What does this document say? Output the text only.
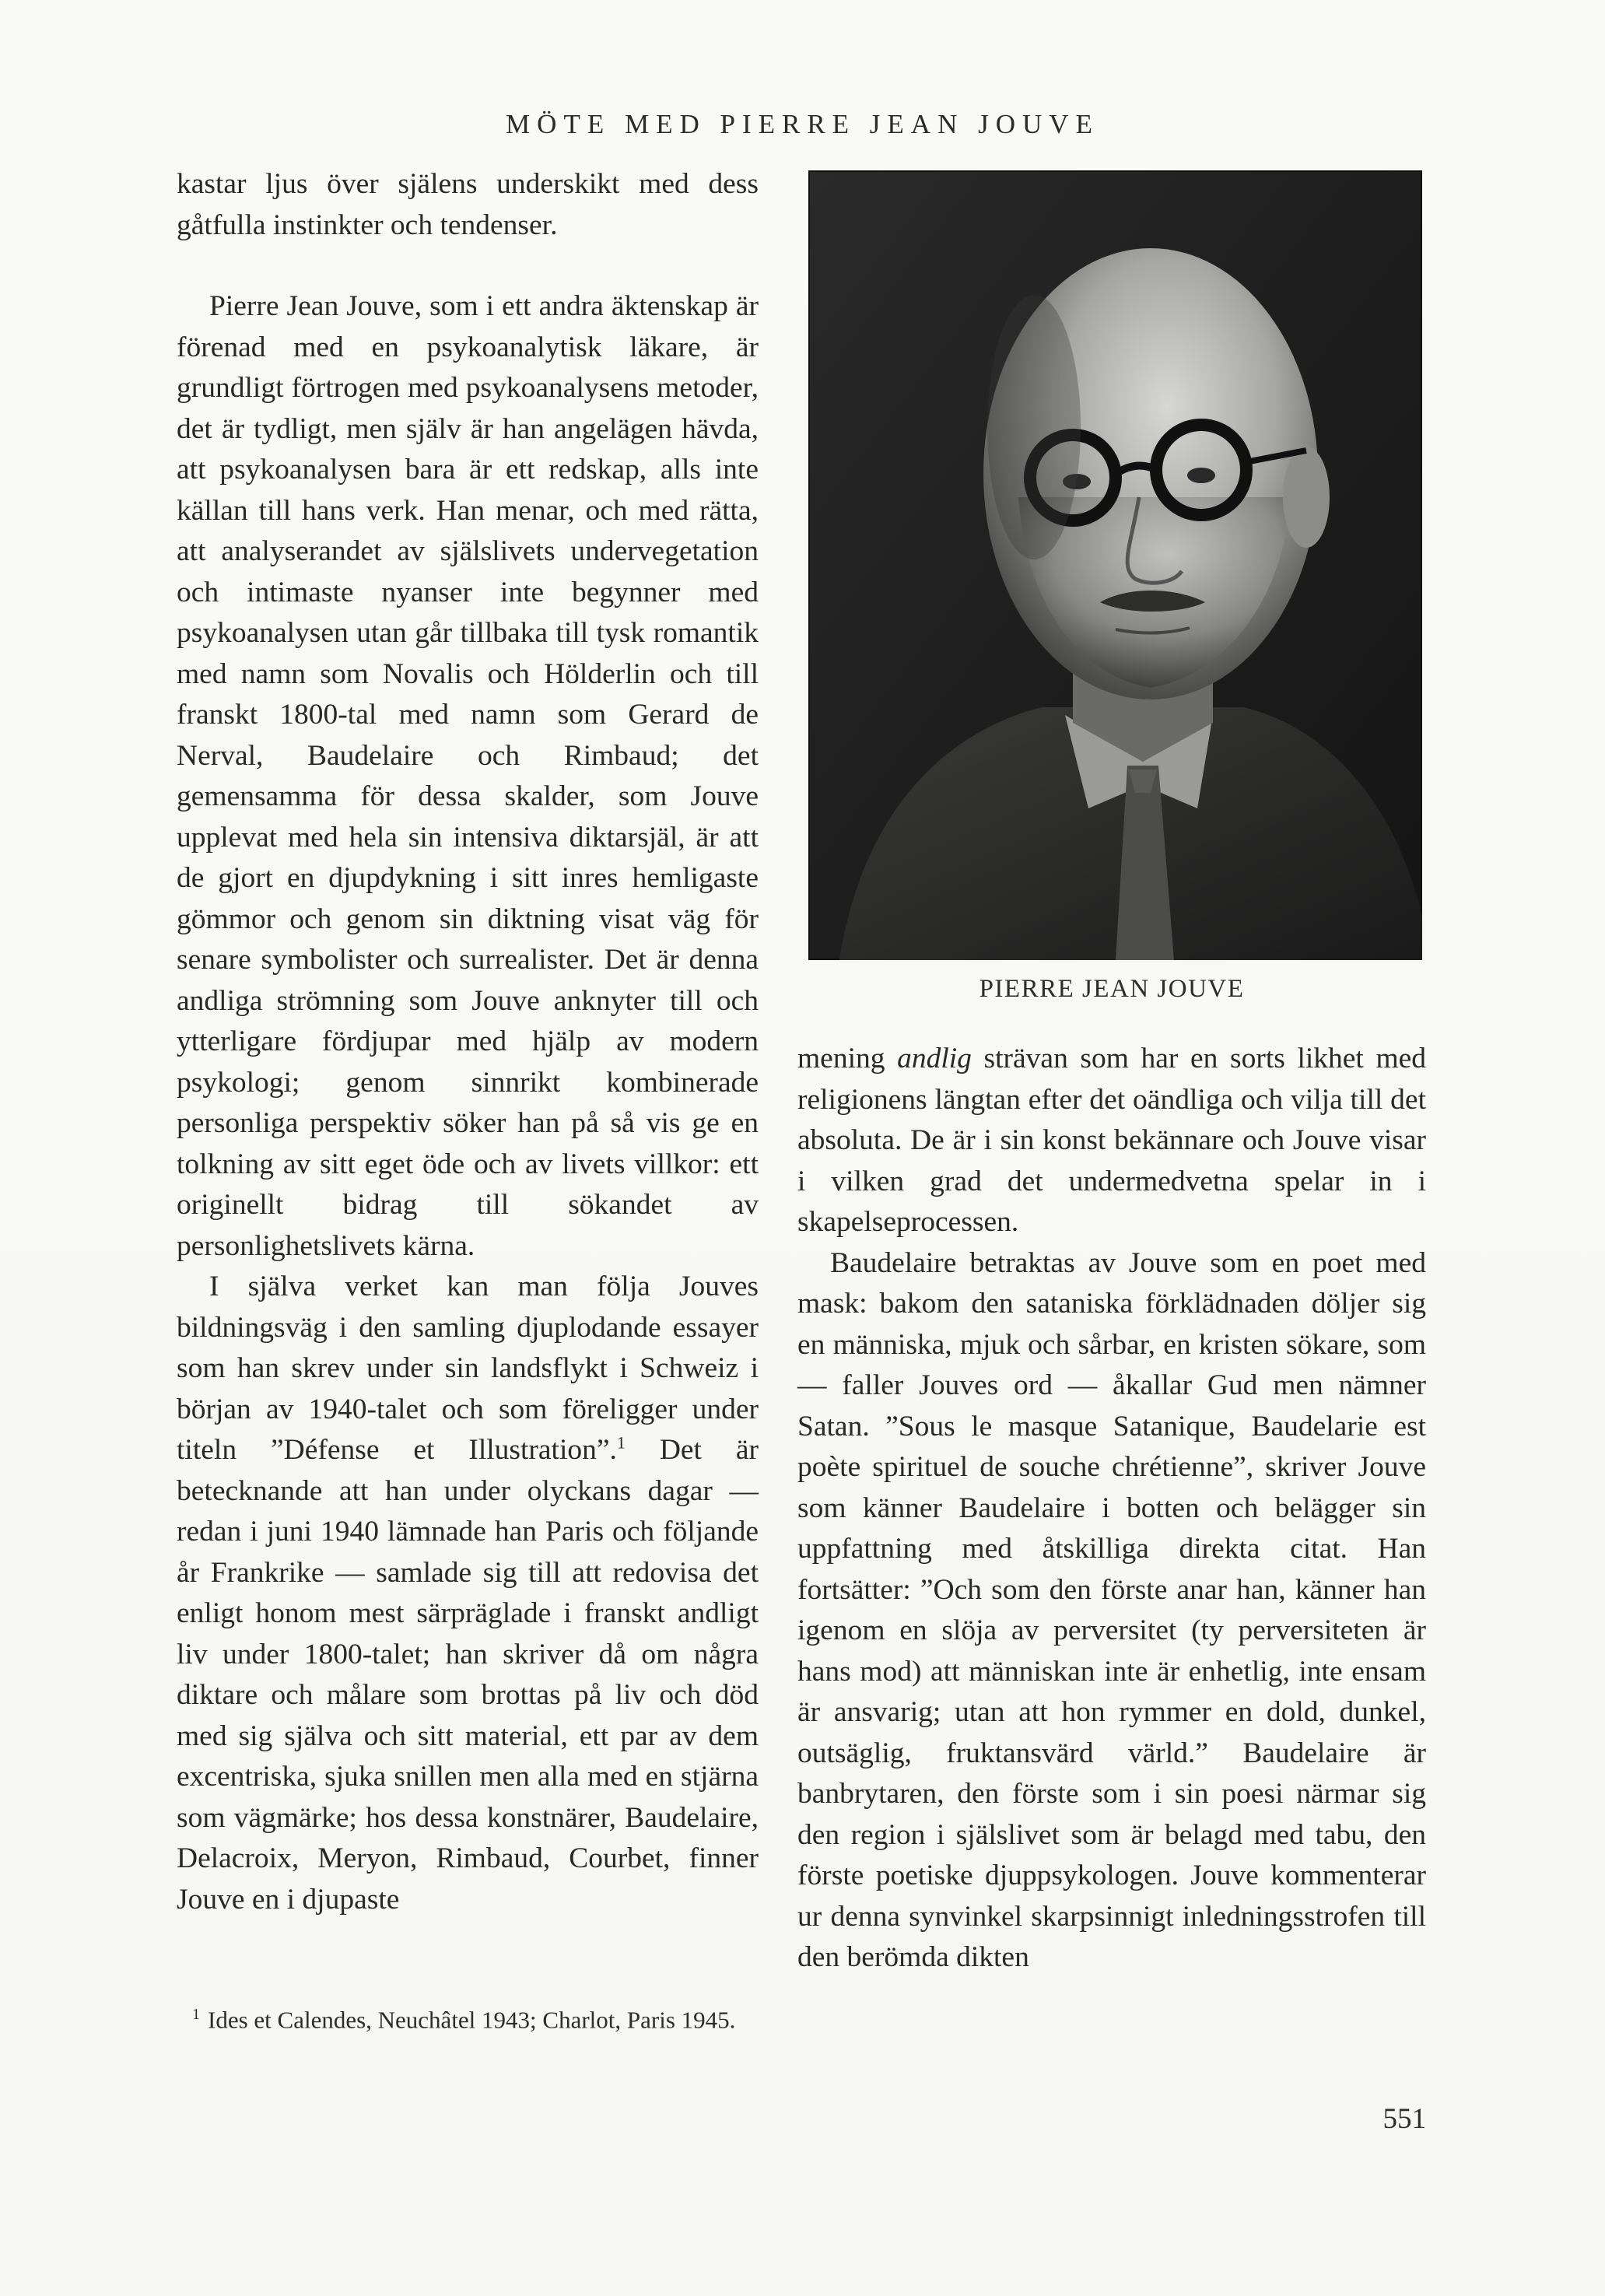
MÖTE MED PIERRE JEAN JOUVE

kastar ljus över själens underskikt med dess gåtfulla instinkter och tendenser.

Pierre Jean Jouve, som i ett andra äktenskap är förenad med en psykoanalytisk läkare, är grundligt förtrogen med psykoanalysens metoder, det är tydligt, men själv är han angelägen hävda, att psykoanalysen bara är ett redskap, alls inte källan till hans verk. Han menar, och med rätta, att analyserandet av själslivets undervegetation och intimaste nyanser inte begynner med psykoanalysen utan går tillbaka till tysk romantik med namn som Novalis och Hölderlin och till franskt 1800-tal med namn som Gerard de Nerval, Baudelaire och Rimbaud; det gemensamma för dessa skalder, som Jouve upplevat med hela sin intensiva diktarsjäl, är att de gjort en djupdykning i sitt inres hemligaste gömmor och genom sin diktning visat väg för senare symbolister och surrealister. Det är denna andliga strömning som Jouve anknyter till och ytterligare fördjupar med hjälp av modern psykologi; genom sinnrikt kombinerade personliga perspektiv söker han på så vis ge en tolkning av sitt eget öde och av livets villkor: ett originellt bidrag till sökandet av personlighetslivets kärna.

I själva verket kan man följa Jouves bildningsväg i den samling djuplodande essayer som han skrev under sin landsflykt i Schweiz i början av 1940-talet och som föreligger under titeln ”Défense et Illustration”.$^1$ Det är betecknande att han under olyckans dagar — redan i juni 1940 lämnade han Paris och följande år Frankrike — samlade sig till att redovisa det enligt honom mest särpräglade i franskt andligt liv under 1800-talet; han skriver då om några diktare och målare som brottas på liv och död med sig själva och sitt material, ett par av dem excentriska, sjuka snillen men alla med en stjärna som vägmärke; hos dessa konstnärer, Baudelaire, Delacroix, Meryon, Rimbaud, Courbet, finner Jouve en i djupaste

PIERRE JEAN JOUVE

mening andlig strävan som har en sorts likhet med religionens längtan efter det oändliga och vilja till det absoluta. De är i sin konst bekännare och Jouve visar i vilken grad det undermedvetna spelar in i skapelseprocessen.

Baudelaire betraktas av Jouve som en poet med mask: bakom den sataniska förklädnaden döljer sig en människa, mjuk och sårbar, en kristen sökare, som — faller Jouves ord — åkallar Gud men nämner Satan. ”Sous le masque Satanique, Baudelarie est poète spirituel de souche chrétienne”, skriver Jouve som känner Baudelaire i botten och belägger sin uppfattning med åtskilliga direkta citat. Han fortsätter: ”Och som den förste anar han, känner han igenom en slöja av perversitet (ty perversiteten är hans mod) att människan inte är enhetlig, inte ensam är ansvarig; utan att hon rymmer en dold, dunkel, outsäglig, fruktansvärd värld.” Baudelaire är banbrytaren, den förste som i sin poesi närmar sig den region i själslivet som är belagd med tabu, den förste poetiske djuppsykologen. Jouve kommenterar ur denna synvinkel skarpsinnigt inledningsstrofen till den berömda dikten

$^1$ Ides et Calendes, Neuchâtel 1943; Charlot, Paris 1945.
551
